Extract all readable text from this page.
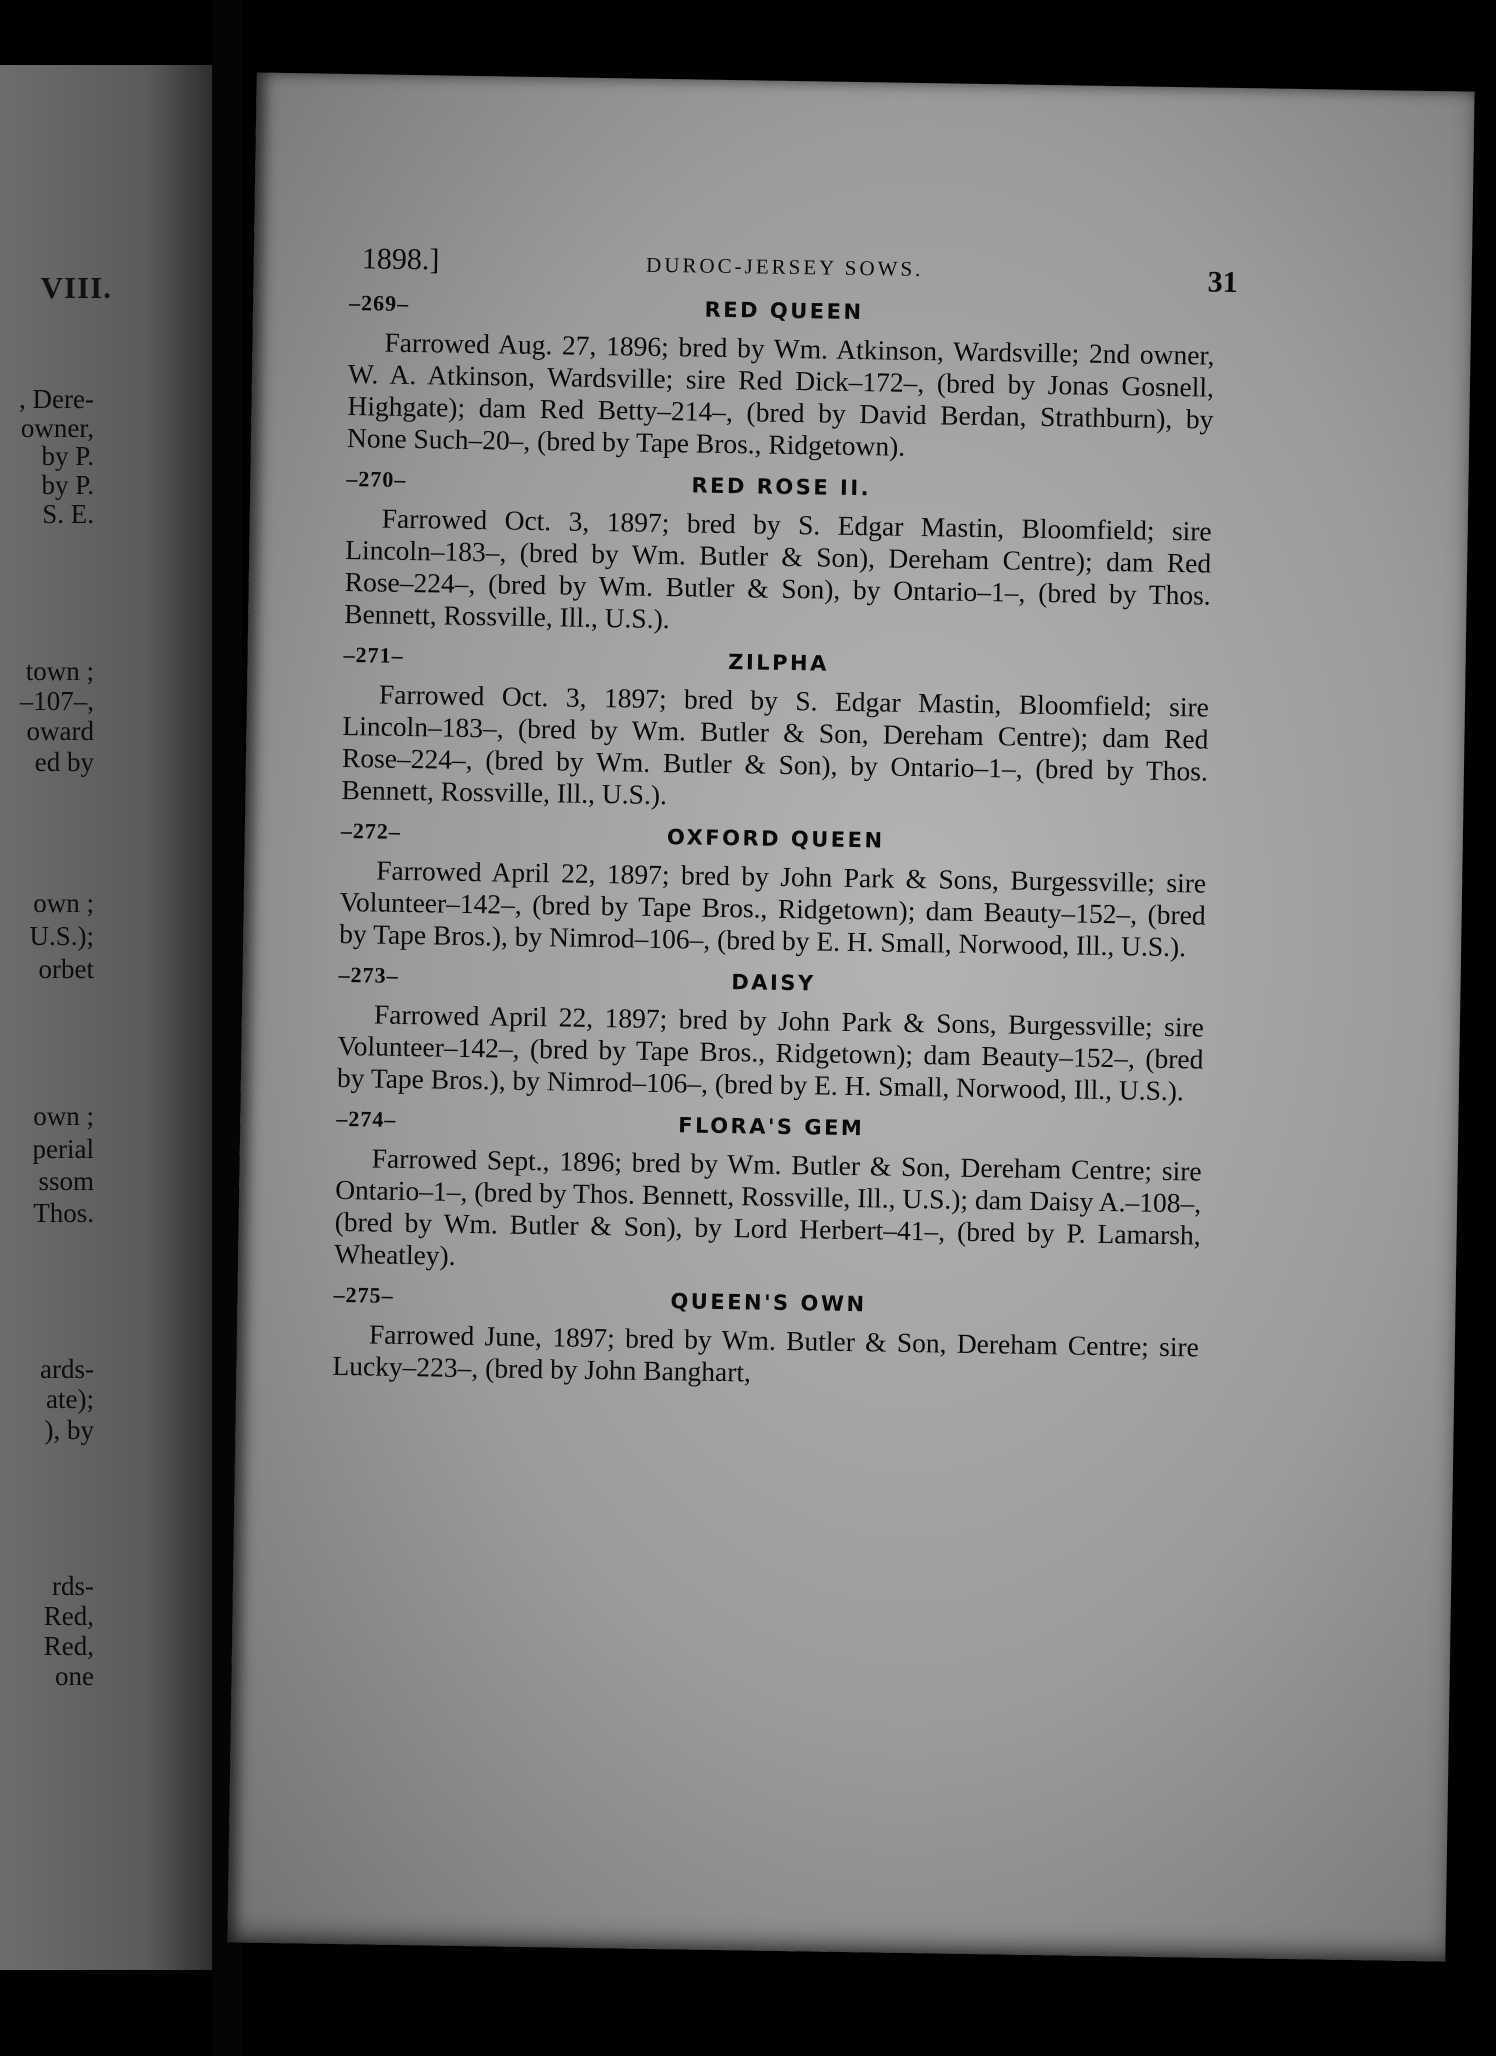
VIII.
, Dere-
owner,
by P.
by P.
S. E.
town ;
–107–,
oward
ed by
own ;
U.S.);
orbet
own ;
perial
ssom
Thos.
ards-
ate);
), by
rds-
Red,
Red,
one
1898.]	DUROC-JERSEY SOWS.	31
–269–	RED QUEEN

Farrowed Aug. 27, 1896; bred by Wm. Atkinson, Wardsville; 2nd owner, W. A. Atkinson, Wardsville; sire Red Dick–172–, (bred by Jonas Gosnell, Highgate); dam Red Betty–214–, (bred by David Berdan, Strathburn), by None Such–20–, (bred by Tape Bros., Ridgetown).

–270–	RED ROSE II.

Farrowed Oct. 3, 1897; bred by S. Edgar Mastin, Bloomfield; sire Lincoln–183–, (bred by Wm. Butler & Son), Dereham Centre); dam Red Rose–224–, (bred by Wm. Butler & Son), by Ontario–1–, (bred by Thos. Bennett, Rossville, Ill., U.S.).

–271–	ZILPHA

Farrowed Oct. 3, 1897; bred by S. Edgar Mastin, Bloomfield; sire Lincoln–183–, (bred by Wm. Butler & Son, Dereham Centre); dam Red Rose–224–, (bred by Wm. Butler & Son), by Ontario–1–, (bred by Thos. Bennett, Rossville, Ill., U.S.).

–272–	OXFORD QUEEN

Farrowed April 22, 1897; bred by John Park & Sons, Burgessville; sire Volunteer–142–, (bred by Tape Bros., Ridgetown); dam Beauty–152–, (bred by Tape Bros.), by Nimrod–106–, (bred by E. H. Small, Norwood, Ill., U.S.).

–273–	DAISY

Farrowed April 22, 1897; bred by John Park & Sons, Burgessville; sire Volunteer–142–, (bred by Tape Bros., Ridgetown); dam Beauty–152–, (bred by Tape Bros.), by Nimrod–106–, (bred by E. H. Small, Norwood, Ill., U.S.).

–274–	FLORA'S GEM

Farrowed Sept., 1896; bred by Wm. Butler & Son, Dereham Centre; sire Ontario–1–, (bred by Thos. Bennett, Rossville, Ill., U.S.); dam Daisy A.–108–, (bred by Wm. Butler & Son), by Lord Herbert–41–, (bred by P. Lamarsh, Wheatley).

–275–	QUEEN'S OWN

Farrowed June, 1897; bred by Wm. Butler & Son, Dereham Centre; sire Lucky–223–, (bred by John Banghart,
